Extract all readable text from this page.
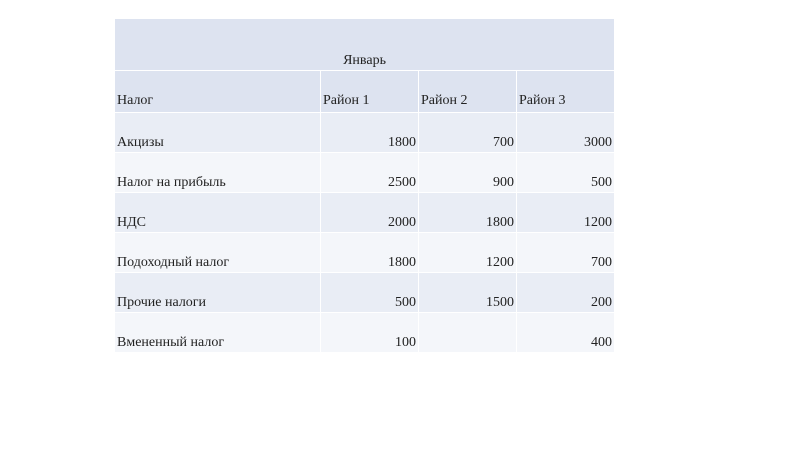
Январь			
Налог	Район 1	Район 2	Район 3
Акцизы	1800	700	3000
Налог на прибыль	2500	900	500
НДС	2000	1800	1200
Подоходный налог	1800	1200	700
Прочие налоги	500	1500	200
Вмененный налог	100		400
